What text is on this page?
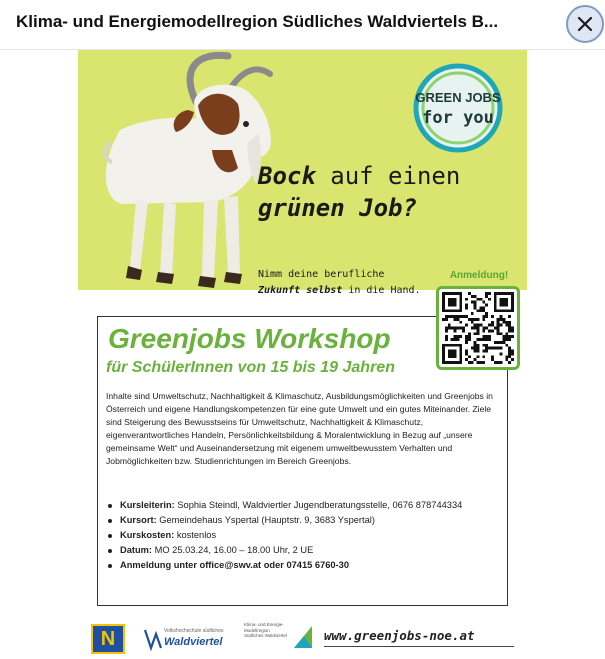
Klima- und Energiemodellregion Südliches Waldviertels B...
GREEN JOBS
for you
Bock auf einen
grünen Job?
Nimm deine berufliche
Zukunft selbst in die Hand.
Greenjobs Workshop
für SchülerInnen von 15 bis 19 Jahren
Inhalte sind Umweltschutz, Nachhaltigkeit & Klimaschutz, Ausbildungsmöglichkeiten und Greenjobs in Österreich und eigene Handlungskompetenzen für eine gute Umwelt und ein gutes Miteinander. Ziele sind Steigerung des Bewusstseins für Umweltschutz, Nachhaltigkeit & Klimaschutz, eigenverantwortliches Handeln, Persönlichkeitsbildung & Moralentwicklung in Bezug auf „unsere gemeinsame Welt“ und Auseinandersetzung mit eigenem umweltbewusstem Verhalten und Jobmöglichkeiten bzw. Studienrichtungen im Bereich Greenjobs.
Kursleiterin: Sophia Steindl, Waldviertler Jugendberatungsstelle, 0676 878744334
Kursort: Gemeindehaus Yspertal (Hauptstr. 9, 3683 Yspertal)
Kurskosten: kostenlos
Datum: MO 25.03.24, 16.00 – 18.00 Uhr, 2 UE
Anmeldung unter office@swv.at oder 07415 6760-30
Anmeldung!
N	Volkshochschule südliches
Waldviertel
Klima- und Energie-Modellregion Südliches Waldviertel	www.greenjobs-noe.at
